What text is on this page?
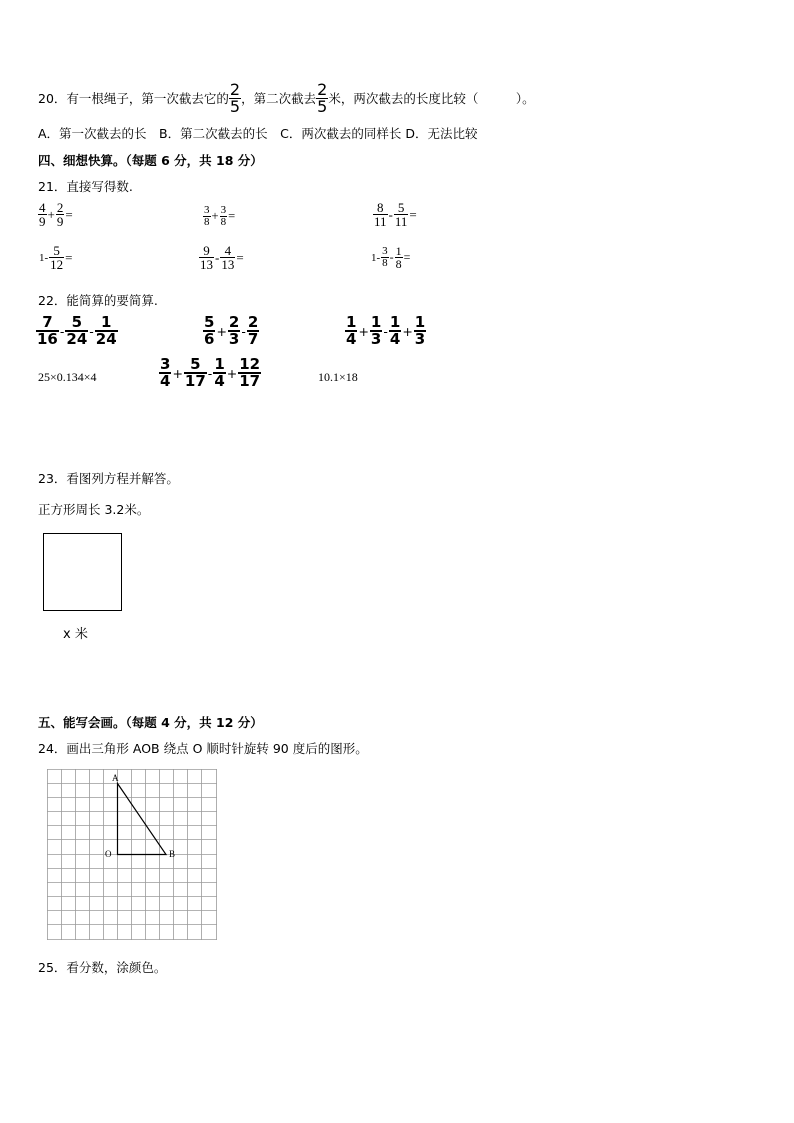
20．有一根绳子，第一次截去它的 $\frac{2}{5}$ ，第二次截去 $\frac{2}{5}$ 米，两次截去的长度比较（　　　）。
A．第一次截去的长　B．第二次截去的长　C．两次截去的同样长 D．无法比较
四、细想快算。（每题 6 分，共 18 分）
21．直接写得数.
$\frac{4}{9} + \frac{2}{9}$ =	$\frac{3}{8} + \frac{3}{8}$ =	$\frac{8}{11} - \frac{5}{11}$ =
$1- \frac{5}{12}$ =	$\frac{9}{13} - \frac{4}{13}$ =	$1- \frac{3}{8} - \frac{1}{8}$ =
22．能简算的要简算.
$\frac{7}{16} - \frac{5}{24} - \frac{1}{24}$	$\frac{5}{6} + \frac{2}{3} - \frac{2}{7}$	$\frac{1}{4} + \frac{1}{3} - \frac{1}{4} + \frac{1}{3}$
25×0.134×4	$\frac{3}{4} + \frac{5}{17} - \frac{1}{4} + \frac{12}{17}$	10.1×18
23．看图列方程并解答。
正方形周长 3.2米。
x 米
五、能写会画。（每题 4 分，共 12 分）
24．画出三角形 AOB 绕点 O 顺时针旋转 90 度后的图形。
A
O	B
25．看分数，涂颜色。
